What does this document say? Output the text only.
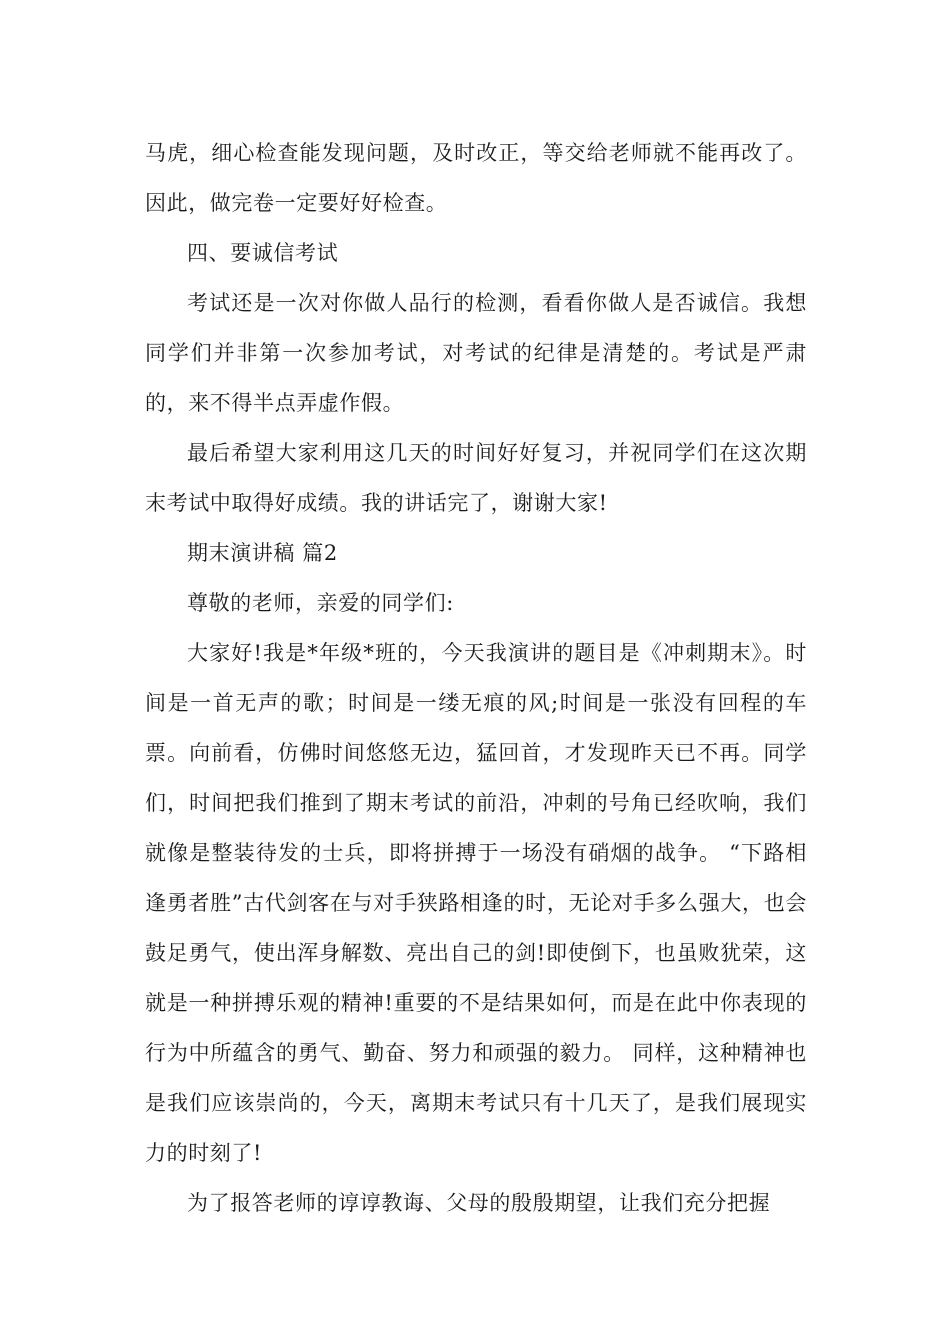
马虎，细心检查能发现问题，及时改正，等交给老师就不能再改了。因此，做完卷一定要好好检查。

四、要诚信考试

考试还是一次对你做人品行的检测，看看你做人是否诚信。我想同学们并非第一次参加考试，对考试的纪律是清楚的。考试是严肃的，来不得半点弄虚作假。

最后希望大家利用这几天的时间好好复习，并祝同学们在这次期末考试中取得好成绩。我的讲话完了，谢谢大家!

期末演讲稿 篇2

尊敬的老师，亲爱的同学们:

大家好!我是*年级*班的，今天我演讲的题目是《冲刺期末》。时间是一首无声的歌；时间是一缕无痕的风;时间是一张没有回程的车票。向前看，仿佛时间悠悠无边，猛回首，才发现昨天已不再。同学们，时间把我们推到了期末考试的前沿，冲刺的号角已经吹响，我们就像是整装待发的士兵，即将拼搏于一场没有硝烟的战争。 “下路相逢勇者胜”古代剑客在与对手狭路相逢的时，无论对手多么强大，也会鼓足勇气，使出浑身解数、亮出自己的剑!即使倒下，也虽败犹荣，这就是一种拼搏乐观的精神!重要的不是结果如何，而是在此中你表现的行为中所蕴含的勇气、勤奋、努力和顽强的毅力。 同样，这种精神也是我们应该崇尚的，今天，离期末考试只有十几天了，是我们展现实力的时刻了!

为了报答老师的谆谆教诲、父母的殷殷期望，让我们充分把握
